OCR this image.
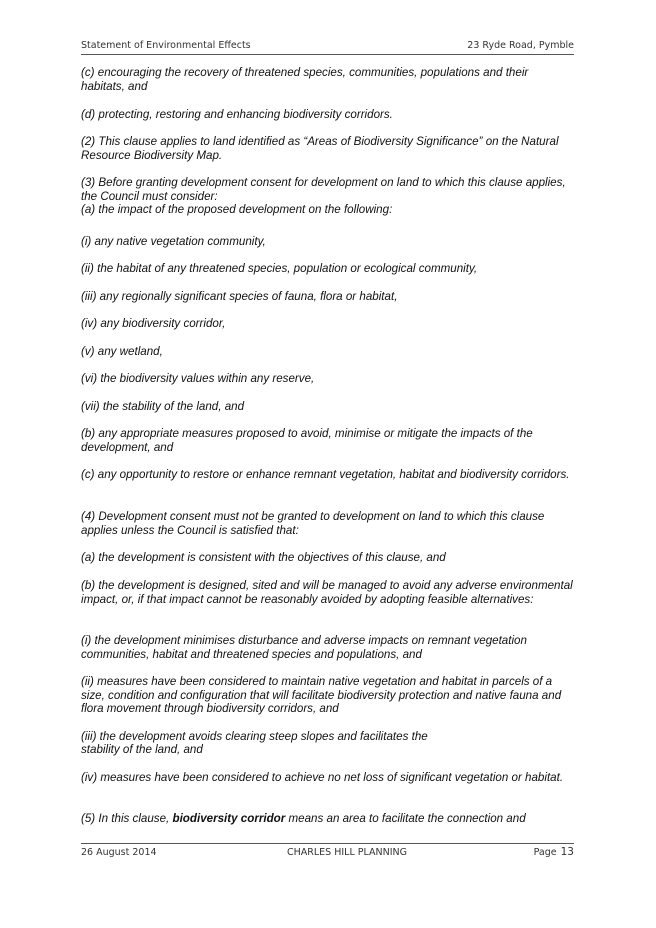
Statement of Environmental Effects	23 Ryde Road, Pymble

(c) encouraging the recovery of threatened species, communities, populations and their habitats, and

(d) protecting, restoring and enhancing biodiversity corridors.

(2) This clause applies to land identified as “Areas of Biodiversity Significance” on the Natural Resource Biodiversity Map.

(3) Before granting development consent for development on land to which this clause applies, the Council must consider:

(a) the impact of the proposed development on the following:

(i) any native vegetation community,

(ii) the habitat of any threatened species, population or ecological community,

(iii) any regionally significant species of fauna, flora or habitat,

(iv) any biodiversity corridor,

(v) any wetland,

(vi) the biodiversity values within any reserve,

(vii) the stability of the land, and

(b) any appropriate measures proposed to avoid, minimise or mitigate the impacts of the development, and

(c) any opportunity to restore or enhance remnant vegetation, habitat and biodiversity corridors.

(4) Development consent must not be granted to development on land to which this clause applies unless the Council is satisfied that:

(a) the development is consistent with the objectives of this clause, and

(b) the development is designed, sited and will be managed to avoid any adverse environmental impact, or, if that impact cannot be reasonably avoided by adopting feasible alternatives:

(i) the development minimises disturbance and adverse impacts on remnant vegetation communities, habitat and threatened species and populations, and

(ii) measures have been considered to maintain native vegetation and habitat in parcels of a size, condition and configuration that will facilitate biodiversity protection and native fauna and flora movement through biodiversity corridors, and

(iii) the development avoids clearing steep slopes and facilitates the

stability of the land, and

(iv) measures have been considered to achieve no net loss of significant vegetation or habitat.

(5) In this clause, biodiversity corridor means an area to facilitate the connection and

26 August 2014	CHARLES HILL PLANNING	Page 13
